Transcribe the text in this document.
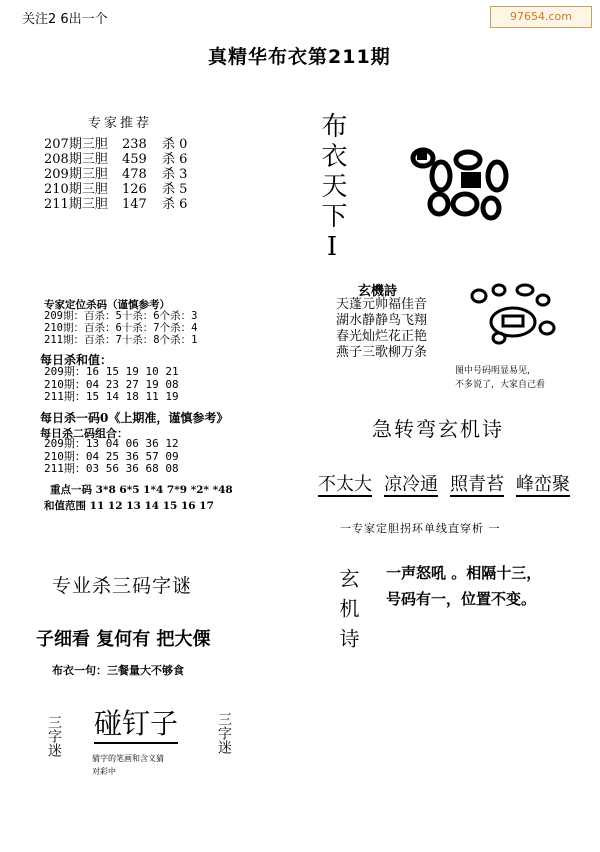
关注2 6出一个	97654.com
真精华布衣第211期
专家推荐
207期三胆 238 杀 0
208期三胆 459 杀 6
209期三胆 478 杀 3
210期三胆 126 杀 5
211期三胆 147 杀 6
专家定位杀码（谨慎参考）
209期：百杀：5十杀：6个杀：3
210期：百杀：6十杀：7个杀：4
211期：百杀：7十杀：8个杀：1
每日杀和值：
209期：16 15 19 10 21
210期：04 23 27 19 08
211期：15 14 18 11 19
每日杀一码0《上期准，谨慎参考》
每日杀二码组合：
209期：13 04 06 36 12
210期：04 25 36 57 09
211期：03 56 36 68 08
重点一码 3*8 6*5 1*4 7*9 *2* *48
和值范围 11 12 13 14 15 16 17
布衣天下I
玄機詩
天蓬元帅福佳音
湖水静静鸟飞翔
春光灿烂花正艳
燕子三歌柳万条
图中号码明显易见，
不多说了，大家自己看
急转弯玄机诗
不太大 凉冷通 照青苔 峰峦聚
一专家定胆拐环单线直穿析 一
玄机诗 一声怒吼 。相隔十三，
号码有一，位置不变。
专业杀三码字谜
子细看 复何有 把大傈
布衣一句：三餐量大不够食
三字迷 碰钉子	三字迷
猜字的笔画和含义猜
对彩中
